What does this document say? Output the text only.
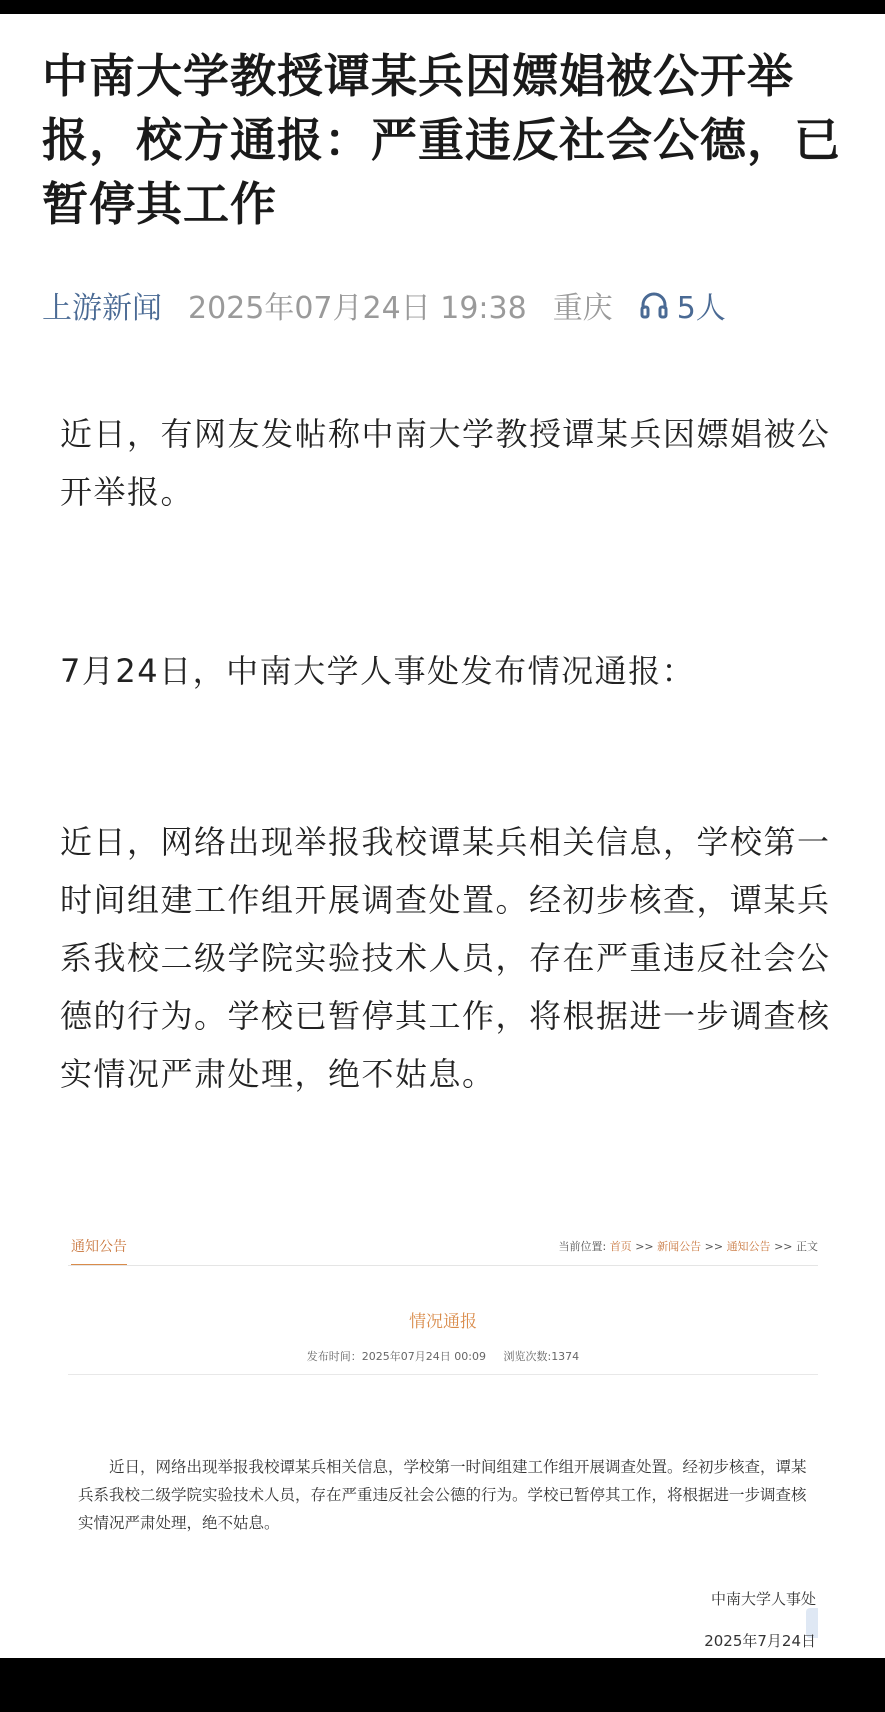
中南大学教授谭某兵因嫖娼被公开举报，校方通报：严重违反社会公德，已暂停其工作
上游新闻 2025年07月24日 19:38 重庆 5人

近日，有网友发帖称中南大学教授谭某兵因嫖娼被公开举报。

7月24日，中南大学人事处发布情况通报：

近日，网络出现举报我校谭某兵相关信息，学校第一时间组建工作组开展调查处置。经初步核查，谭某兵系我校二级学院实验技术人员，存在严重违反社会公德的行为。学校已暂停其工作，将根据进一步调查核实情况严肃处理，绝不姑息。

通知公告	当前位置: 首页 >> 新闻公告 >> 通知公告 >> 正文
情况通报
发布时间：2025年07月24日 00:09 浏览次数:1374

近日，网络出现举报我校谭某兵相关信息，学校第一时间组建工作组开展调查处置。经初步核查，谭某兵系我校二级学院实验技术人员，存在严重违反社会公德的行为。学校已暂停其工作，将根据进一步调查核实情况严肃处理，绝不姑息。

中南大学人事处
2025年7月24日
